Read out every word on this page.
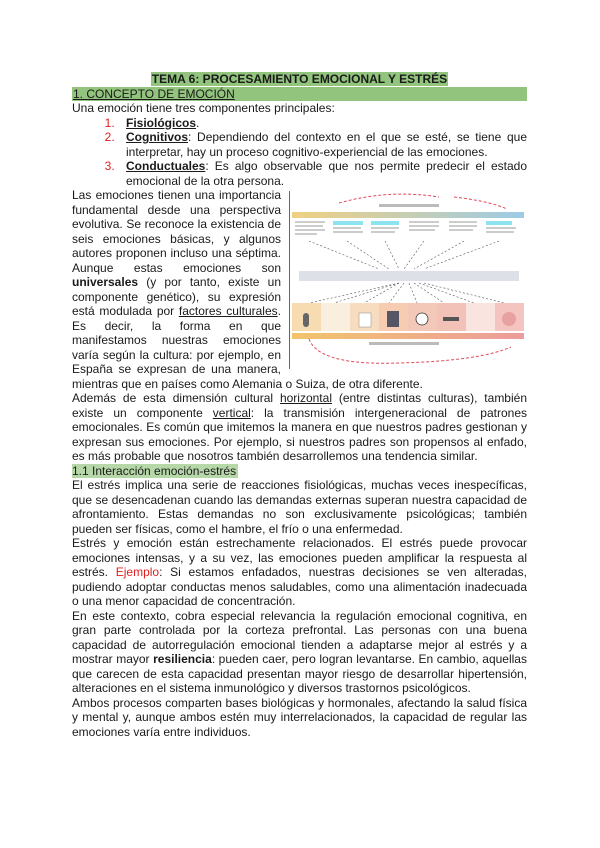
TEMA 6: PROCESAMIENTO EMOCIONAL Y ESTRÉS

1. CONCEPTO DE EMOCIÓN

Una emoción tiene tres componentes principales:

1. Fisiológicos.
2. Cognitivos: Dependiendo del contexto en el que se esté, se tiene que interpretar, hay un proceso cognitivo-experiencial de las emociones.
3. Conductuales: Es algo observable que nos permite predecir el estado emocional de la otra persona.

Las emociones tienen una importancia fundamental desde una perspectiva evolutiva. Se reconoce la existencia de seis emociones básicas, y algunos autores proponen incluso una séptima. Aunque estas emociones son universales (y por tanto, existe un componente genético), su expresión está modulada por factores culturales. Es decir, la forma en que manifestamos nuestras emociones varía según la cultura: por ejemplo, en España se expresan de una manera, mientras que en países como Alemania o Suiza, de otra diferente.

Además de esta dimensión cultural horizontal (entre distintas culturas), también existe un componente vertical: la transmisión intergeneracional de patrones emocionales. Es común que imitemos la manera en que nuestros padres gestionan y expresan sus emociones. Por ejemplo, si nuestros padres son propensos al enfado, es más probable que nosotros también desarrollemos una tendencia similar.

1.1 Interacción emoción-estrés

El estrés implica una serie de reacciones fisiológicas, muchas veces inespecíficas, que se desencadenan cuando las demandas externas superan nuestra capacidad de afrontamiento. Estas demandas no son exclusivamente psicológicas; también pueden ser físicas, como el hambre, el frío o una enfermedad.

Estrés y emoción están estrechamente relacionados. El estrés puede provocar emociones intensas, y a su vez, las emociones pueden amplificar la respuesta al estrés. Ejemplo: Si estamos enfadados, nuestras decisiones se ven alteradas, pudiendo adoptar conductas menos saludables, como una alimentación inadecuada o una menor capacidad de concentración.

En este contexto, cobra especial relevancia la regulación emocional cognitiva, en gran parte controlada por la corteza prefrontal. Las personas con una buena capacidad de autorregulación emocional tienden a adaptarse mejor al estrés y a mostrar mayor resiliencia: pueden caer, pero logran levantarse. En cambio, aquellas que carecen de esta capacidad presentan mayor riesgo de desarrollar hipertensión, alteraciones en el sistema inmunológico y diversos trastornos psicológicos.

Ambos procesos comparten bases biológicas y hormonales, afectando la salud física y mental y, aunque ambos estén muy interrelacionados, la capacidad de regular las emociones varía entre individuos.
